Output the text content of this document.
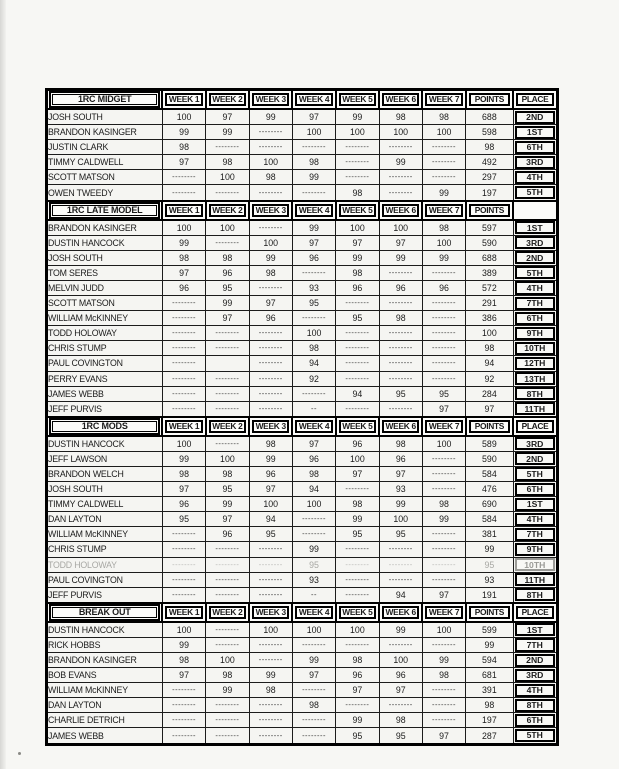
1RC MIDGET	WEEK 1	WEEK 2	WEEK 3	WEEK 4	WEEK 5	WEEK 6	WEEK 7	POINTS	PLACE

JOSH SOUTH	100	97	99	97	99	98	98	688	2ND

BRANDON KASINGER	99	99	--------	100	100	100	100	598	1ST

JUSTIN CLARK	98	--------	--------	--------	--------	--------	--------	98	6TH

TIMMY CALDWELL	97	98	100	98	--------	99	--------	492	3RD

SCOTT MATSON	--------	100	98	99	--------	--------	--------	297	4TH

OWEN TWEEDY	--------	--------	--------	--------	98	--------	99	197	5TH

1RC LATE MODEL	WEEK 1	WEEK 2	WEEK 3	WEEK 4	WEEK 5	WEEK 6	WEEK 7	POINTS	

BRANDON KASINGER	100	100	--------	99	100	100	98	597	1ST

DUSTIN HANCOCK	99	--------	100	97	97	97	100	590	3RD

JOSH SOUTH	98	98	99	96	99	99	99	688	2ND

TOM SERES	97	96	98	--------	98	--------	--------	389	5TH

MELVIN JUDD	96	95	--------	93	96	96	96	572	4TH

SCOTT MATSON	--------	99	97	95	--------	--------	--------	291	7TH

WILLIAM McKINNEY	--------	97	96	--------	95	98	--------	386	6TH

TODD HOLOWAY	--------	--------	--------	100	--------	--------	--------	100	9TH

CHRIS STUMP	--------	--------	--------	98	--------	--------	--------	98	10TH

PAUL COVINGTON	--------		--------	94	--------	--------	--------	94	12TH

PERRY EVANS	--------	--------	--------	92	--------	--------	--------	92	13TH

JAMES WEBB	--------	--------	--------	--------	94	95	95	284	8TH

JEFF PURVIS	--------	--------	--------	--	--------	--------	97	97	11TH

1RC MODS	WEEK 1	WEEK 2	WEEK 3	WEEK 4	WEEK 5	WEEK 6	WEEK 7	POINTS	PLACE

DUSTIN HANCOCK	100	--------	98	97	96	98	100	589	3RD

JEFF LAWSON	99	100	99	96	100	96	--------	590	2ND

BRANDON WELCH	98	98	96	98	97	97	--------	584	5TH

JOSH SOUTH	97	95	97	94	--------	93	--------	476	6TH

TIMMY CALDWELL	96	99	100	100	98	99	98	690	1ST

DAN LAYTON	95	97	94	--------	99	100	99	584	4TH

WILLIAM McKINNEY	--------	96	95	--------	95	95	--------	381	7TH

CHRIS STUMP	--------	--------	--------	99	--------	--------	--------	99	9TH

TODD HOLOWAY	--------	--------	--------	95	--------	--------	--------	95	10TH

PAUL COVINGTON	--------	--------	--------	93	--------	--------	--------	93	11TH

JEFF PURVIS	--------	--------	--------	--	--------	94	97	191	8TH

BREAK OUT	WEEK 1	WEEK 2	WEEK 3	WEEK 4	WEEK 5	WEEK 6	WEEK 7	POINTS	PLACE

DUSTIN HANCOCK	100	--------	100	100	100	99	100	599	1ST

RICK HOBBS	99	--------	--------	--------	--------	--------	--------	99	7TH

BRANDON KASINGER	98	100	--------	99	98	100	99	594	2ND

BOB EVANS	97	98	99	97	96	96	98	681	3RD

WILLIAM McKINNEY	--------	99	98	--------	97	97	--------	391	4TH

DAN LAYTON	--------	--------	--------	98	--------	--------	--------	98	8TH

CHARLIE DETRICH	--------	--------	--------	--------	99	98	--------	197	6TH

JAMES WEBB	--------	--------	--------	--------	95	95	97	287	5TH
